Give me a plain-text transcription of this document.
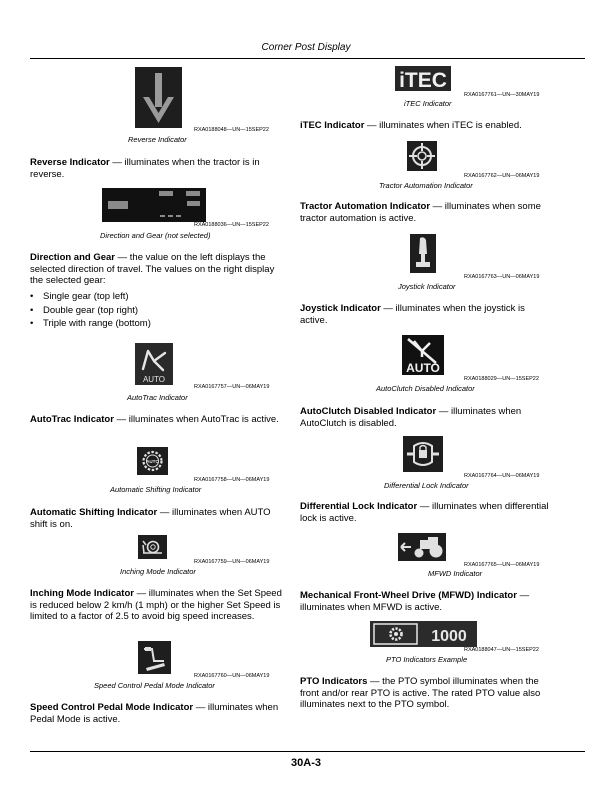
Corner Post Display
RXA0188048—UN—15SEP22
Reverse Indicator
Reverse Indicator — illuminates when the tractor is in reverse.
RXA0188036—UN—15SEP22
Direction and Gear (not selected)
Direction and Gear — the value on the left displays the selected direction of travel. The values on the right display the selected gear:
• Single gear (top left)
• Double gear (top right)
• Triple with range (bottom)
AUTO
RXA0167757—UN—06MAY19
AutoTrac Indicator
AutoTrac Indicator — illuminates when AutoTrac is active.
AUTO
RXA0167758—UN—06MAY19
Automatic Shifting Indicator
Automatic Shifting Indicator — illuminates when AUTO shift is on.
RXA0167759—UN—06MAY19
Inching Mode Indicator
Inching Mode Indicator — illuminates when the Set Speed is reduced below 2 km/h (1 mph) or the higher Set Speed is limited to a factor of 2.5 to avoid big speed increases.
RXA0167760—UN—06MAY19
Speed Control Pedal Mode Indicator
Speed Control Pedal Mode Indicator — illuminates when Pedal Mode is active.
iTEC
RXA0167761—UN—30MAY19
iTEC Indicator
iTEC Indicator — illuminates when iTEC is enabled.
RXA0167762—UN—06MAY19
Tractor Automation Indicator
Tractor Automation Indicator — illuminates when some tractor automation is active.
RXA0167763—UN—06MAY19
Joystick Indicator
Joystick Indicator — illuminates when the joystick is active.
AUTO
RXA0188029—UN—15SEP22
AutoClutch Disabled Indicator
AutoClutch Disabled Indicator — illuminates when AutoClutch is disabled.
RXA0167764—UN—06MAY19
Differential Lock Indicator
Differential Lock Indicator — illuminates when differential lock is active.
RXA0167765—UN—06MAY19
MFWD Indicator
Mechanical Front-Wheel Drive (MFWD) Indicator — illuminates when MFWD is active.
1000
RXA0188047—UN—15SEP22
PTO Indicators Example
PTO Indicators — the PTO symbol illuminates when the front and/or rear PTO is active. The rated PTO value also illuminates next to the PTO symbol.
30A-3
